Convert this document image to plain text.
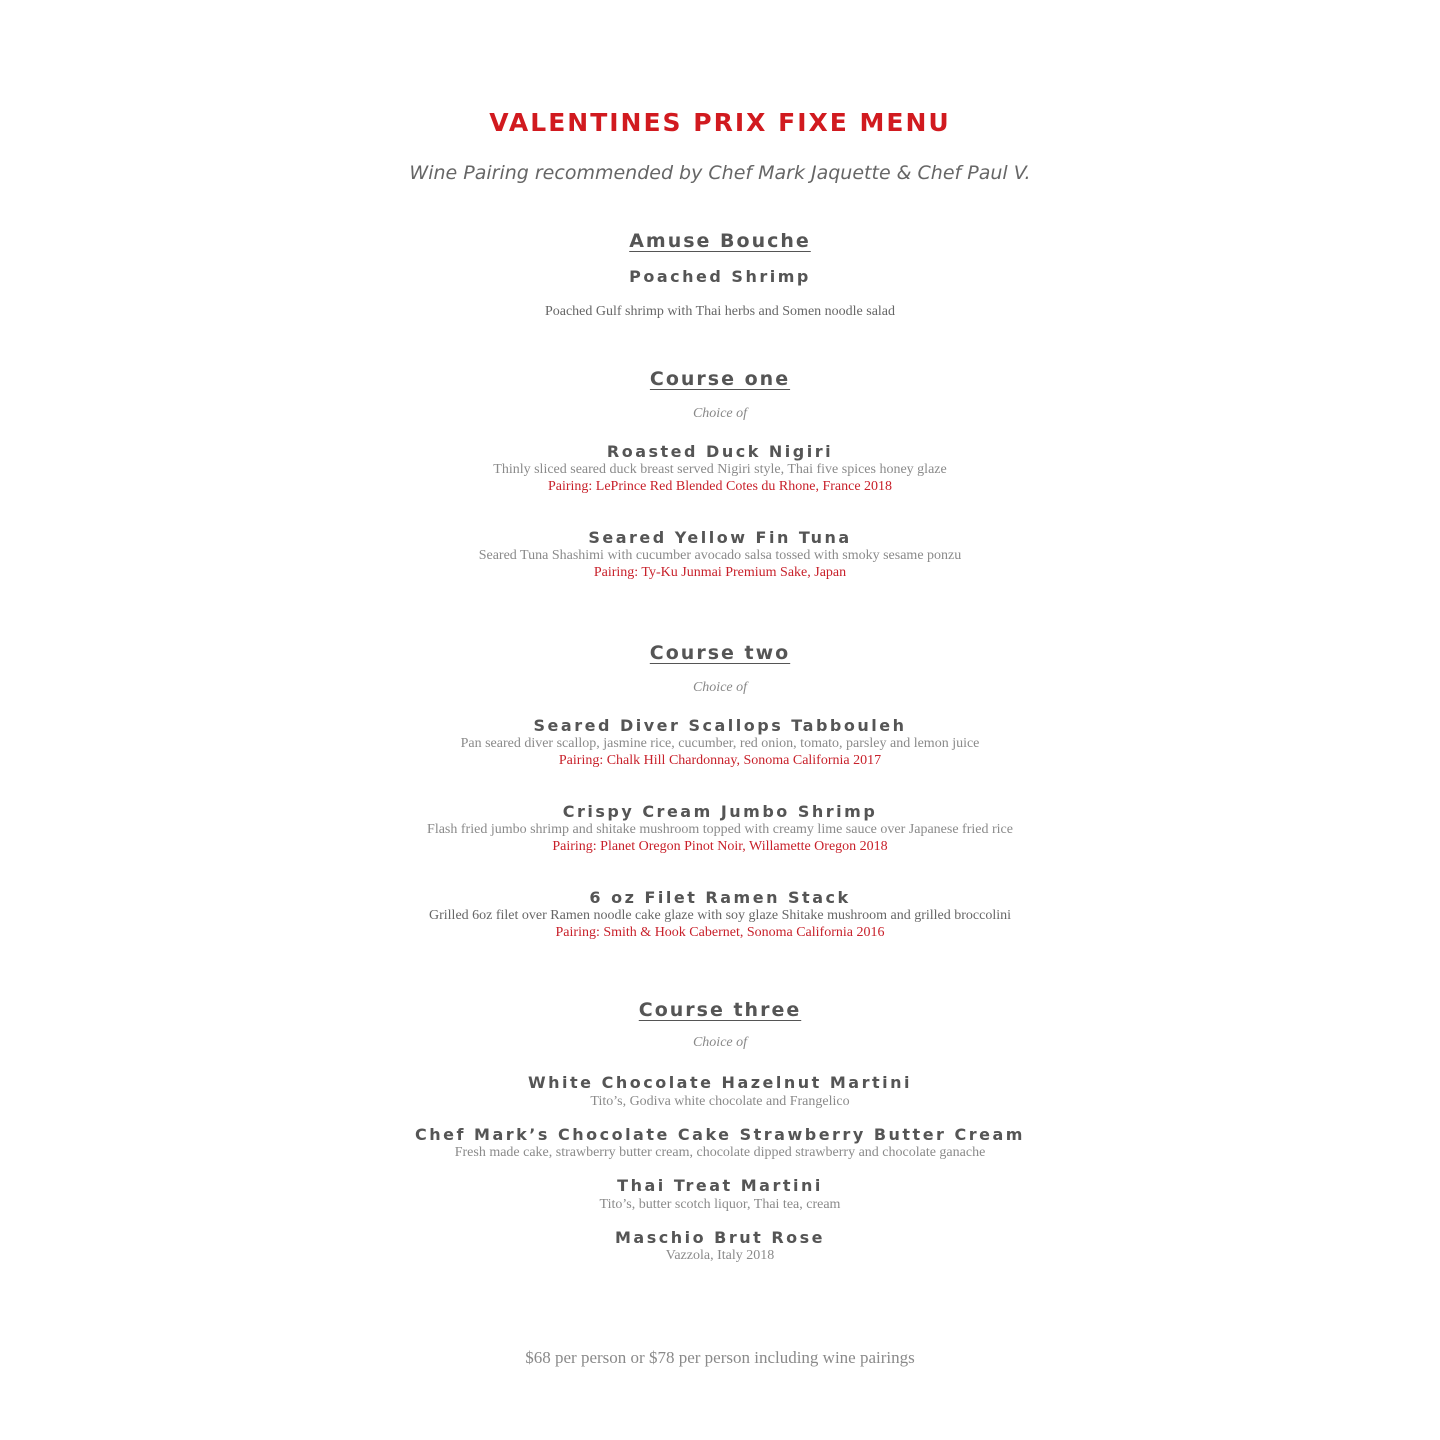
VALENTINES PRIX FIXE MENU

Wine Pairing recommended by Chef Mark Jaquette & Chef Paul V.

Amuse Bouche
Poached Shrimp
Poached Gulf shrimp with Thai herbs and Somen noodle salad
Course one
Choice of
Roasted Duck Nigiri
Thinly sliced seared duck breast served Nigiri style, Thai five spices honey glaze
Pairing: LePrince Red Blended Cotes du Rhone, France 2018
Seared Yellow Fin Tuna
Seared Tuna Shashimi with cucumber avocado salsa tossed with smoky sesame ponzu
Pairing: Ty-Ku Junmai Premium Sake, Japan
Course two
Choice of
Seared Diver Scallops Tabbouleh
Pan seared diver scallop, jasmine rice, cucumber, red onion, tomato, parsley and lemon juice
Pairing: Chalk Hill Chardonnay, Sonoma California 2017
Crispy Cream Jumbo Shrimp
Flash fried jumbo shrimp and shitake mushroom topped with creamy lime sauce over Japanese fried rice
Pairing: Planet Oregon Pinot Noir, Willamette Oregon 2018
6 oz Filet Ramen Stack
Grilled 6oz filet over Ramen noodle cake glaze with soy glaze Shitake mushroom and grilled broccolini
Pairing: Smith & Hook Cabernet, Sonoma California 2016
Course three
Choice of
White Chocolate Hazelnut Martini
Tito’s, Godiva white chocolate and Frangelico
Chef Mark’s Chocolate Cake Strawberry Butter Cream
Fresh made cake, strawberry butter cream, chocolate dipped strawberry and chocolate ganache
Thai Treat Martini
Tito’s, butter scotch liquor, Thai tea, cream
Maschio Brut Rose
Vazzola, Italy 2018
$68 per person or $78 per person including wine pairings
